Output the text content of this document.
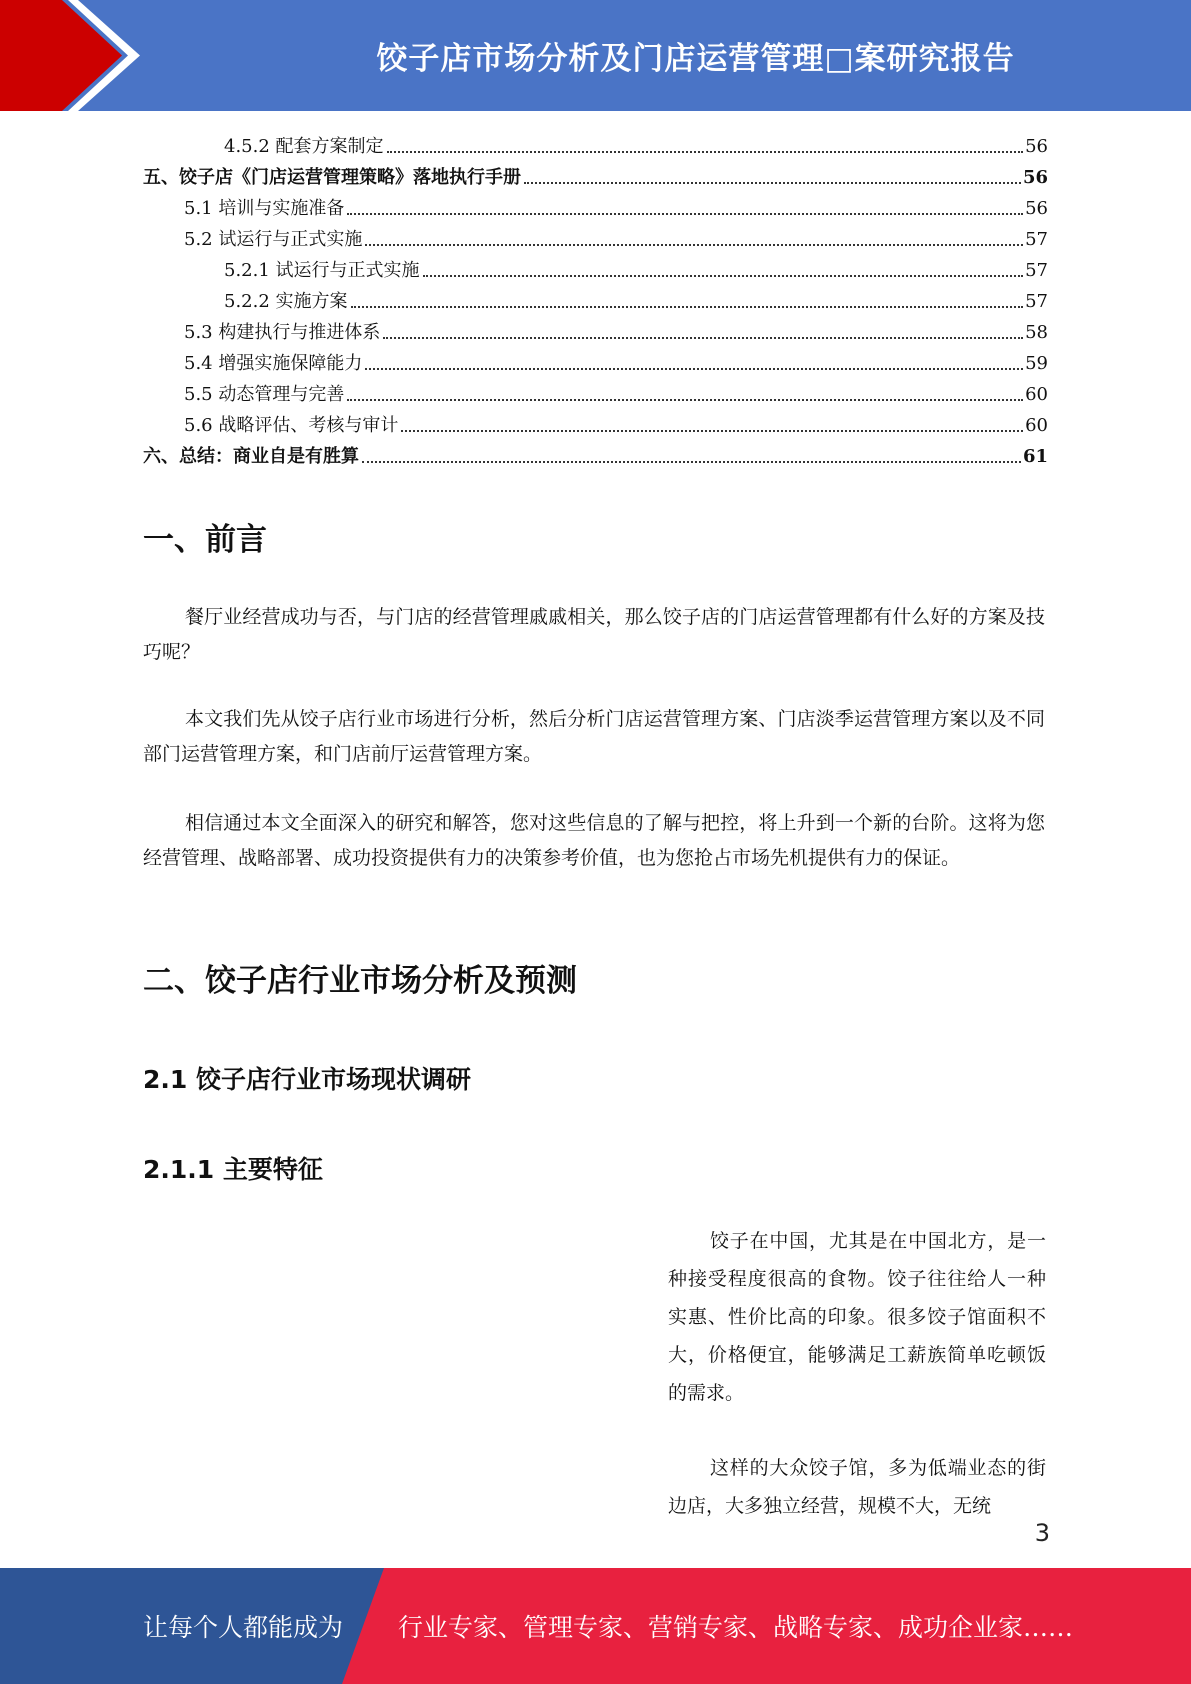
饺子店市场分析及门店运营管理□案研究报告
4.5.2 配套方案制定	56
五、饺子店《门店运营管理策略》落地执行手册	56
5.1 培训与实施准备	56
5.2 试运行与正式实施	57
5.2.1 试运行与正式实施	57
5.2.2 实施方案	57
5.3 构建执行与推进体系	58
5.4 增强实施保障能力	59
5.5 动态管理与完善	60
5.6 战略评估、考核与审计	60
六、总结：商业自是有胜算	61
一、前言

餐厅业经营成功与否，与门店的经营管理戚戚相关，那么饺子店的门店运营管理都有什么好的方案及技巧呢？

本文我们先从饺子店行业市场进行分析，然后分析门店运营管理方案、门店淡季运营管理方案以及不同部门运营管理方案，和门店前厅运营管理方案。

相信通过本文全面深入的研究和解答，您对这些信息的了解与把控，将上升到一个新的台阶。这将为您经营管理、战略部署、成功投资提供有力的决策参考价值，也为您抢占市场先机提供有力的保证。

二、饺子店行业市场分析及预测
2.1 饺子店行业市场现状调研
2.1.1 主要特征

饺子在中国，尤其是在中国北方，是一种接受程度很高的食物。饺子往往给人一种实惠、性价比高的印象。很多饺子馆面积不大，价格便宜，能够满足工薪族简单吃顿饭的需求。

这样的大众饺子馆，多为低端业态的街边店，大多独立经营，规模不大，无统

3
让每个人都能成为 行业专家、管理专家、营销专家、战略专家、成功企业家……
